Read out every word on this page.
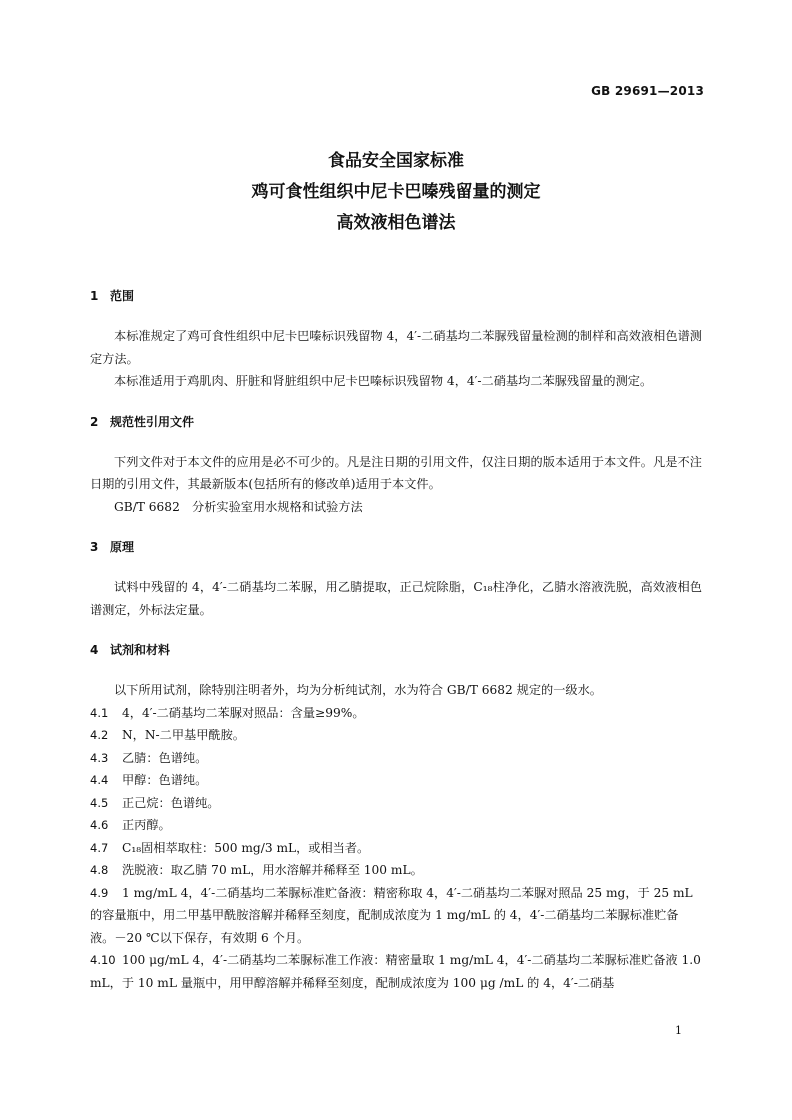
GB 29691—2013
食品安全国家标准
鸡可食性组织中尼卡巴嗪残留量的测定
高效液相色谱法
1 范围

本标准规定了鸡可食性组织中尼卡巴嗪标识残留物 4，4′-二硝基均二苯脲残留量检测的制样和高效液相色谱测定方法。

本标准适用于鸡肌肉、肝脏和肾脏组织中尼卡巴嗪标识残留物 4，4′-二硝基均二苯脲残留量的测定。

2 规范性引用文件

下列文件对于本文件的应用是必不可少的。凡是注日期的引用文件，仅注日期的版本适用于本文件。凡是不注日期的引用文件，其最新版本(包括所有的修改单)适用于本文件。

GB/T 6682　分析实验室用水规格和试验方法

3 原理

试料中残留的 4，4′-二硝基均二苯脲，用乙腈提取，正己烷除脂，C₁₈柱净化，乙腈水溶液洗脱，高效液相色谱测定，外标法定量。

4 试剂和材料

以下所用试剂，除特别注明者外，均为分析纯试剂，水为符合 GB/T 6682 规定的一级水。

4.1 4，4′-二硝基均二苯脲对照品：含量≥99%。
4.2 N，N-二甲基甲酰胺。
4.3 乙腈：色谱纯。
4.4 甲醇：色谱纯。
4.5 正己烷：色谱纯。
4.6 正丙醇。
4.7 C₁₈固相萃取柱：500 mg/3 mL，或相当者。
4.8 洗脱液：取乙腈 70 mL，用水溶解并稀释至 100 mL。
4.9 1 mg/mL 4，4′-二硝基均二苯脲标准贮备液：精密称取 4，4′-二硝基均二苯脲对照品 25 mg，于 25 mL 的容量瓶中，用二甲基甲酰胺溶解并稀释至刻度，配制成浓度为 1 mg/mL 的 4，4′-二硝基均二苯脲标准贮备液。－20 ℃以下保存，有效期 6 个月。
4.10 100 μg/mL 4，4′-二硝基均二苯脲标准工作液：精密量取 1 mg/mL 4，4′-二硝基均二苯脲标准贮备液 1.0 mL，于 10 mL 量瓶中，用甲醇溶解并稀释至刻度，配制成浓度为 100 μg /mL 的 4，4′-二硝基
1
